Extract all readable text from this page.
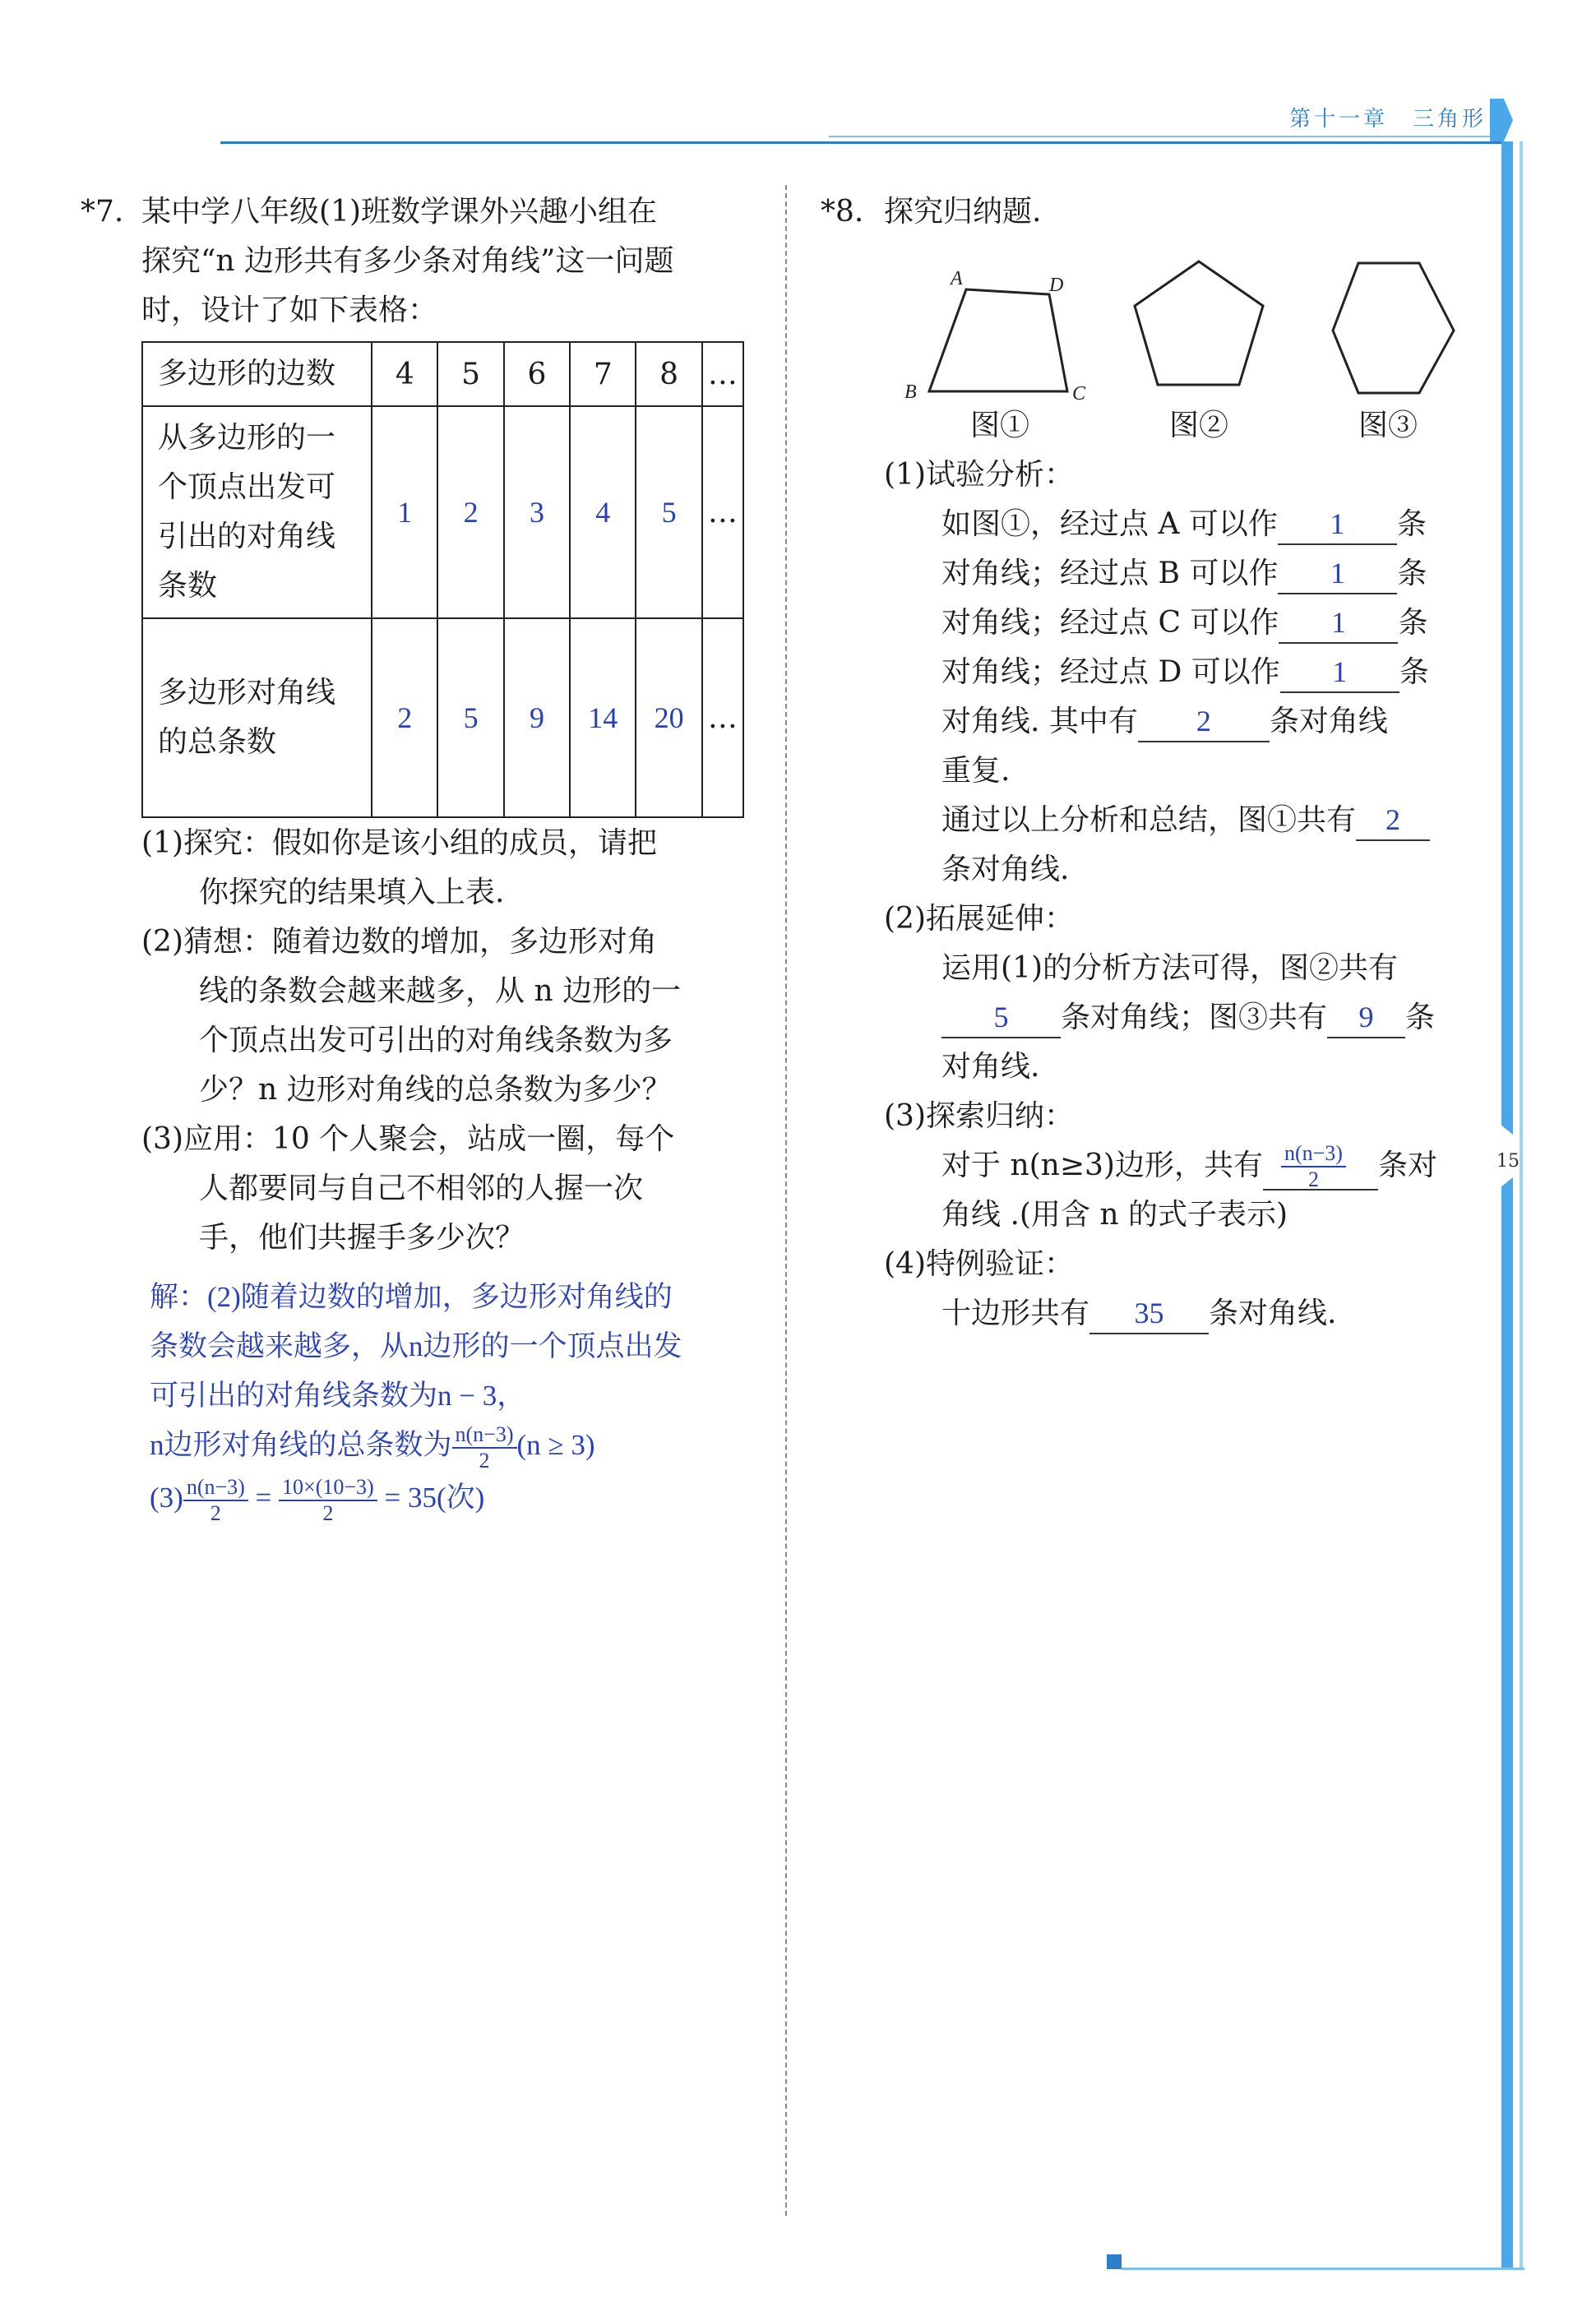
第十一章　三角形
15
*7. 某中学八年级(1)班数学课外兴趣小组在
探究“n 边形共有多少条对角线”这一问题
时，设计了如下表格：
多边形的边数	4	5	6	7	8	…

从多边形的一
个顶点出发可
引出的对角线
条数	1	2	3	4	5	…

多边形对角线
的总条数	2	5	9	14	20	…
(1)探究：假如你是该小组的成员，请把
你探究的结果填入上表.
(2)猜想：随着边数的增加，多边形对角
线的条数会越来越多，从 n 边形的一
个顶点出发可引出的对角线条数为多
少？n 边形对角线的总条数为多少？
(3)应用：10 个人聚会，站成一圈，每个
人都要同与自己不相邻的人握一次
手，他们共握手多少次？
解：(2)随着边数的增加，多边形对角线的
条数会越来越多，从n边形的一个顶点出发
可引出的对角线条数为n − 3，
n边形对角线的总条数为 $\frac{n(n-3)}{2} (n \ge 3)$
$(3) \frac{n(n-3)}{2} = \frac{10\times(10-3)}{2} = 35$(次)
*8. 探究归纳题.
A	D
B	C
图①	图②	图③
(1)试验分析：
如图①，经过点 A 可以作 1 条
对角线；经过点 B 可以作 1 条
对角线；经过点 C 可以作 1 条
对角线；经过点 D 可以作 1 条
对角线. 其中有 2 条对角线
重复.
通过以上分析和总结，图①共有 2
条对角线.
(2)拓展延伸：
运用(1)的分析方法可得，图②共有
5 条对角线；图③共有 9 条
对角线.
(3)探索归纳：
对于 n(n≥3)边形，共有 $\frac{n(n-3)}{2}$ 条对
角线 .(用含 n 的式子表示)
(4)特例验证：
十边形共有 35 条对角线.
